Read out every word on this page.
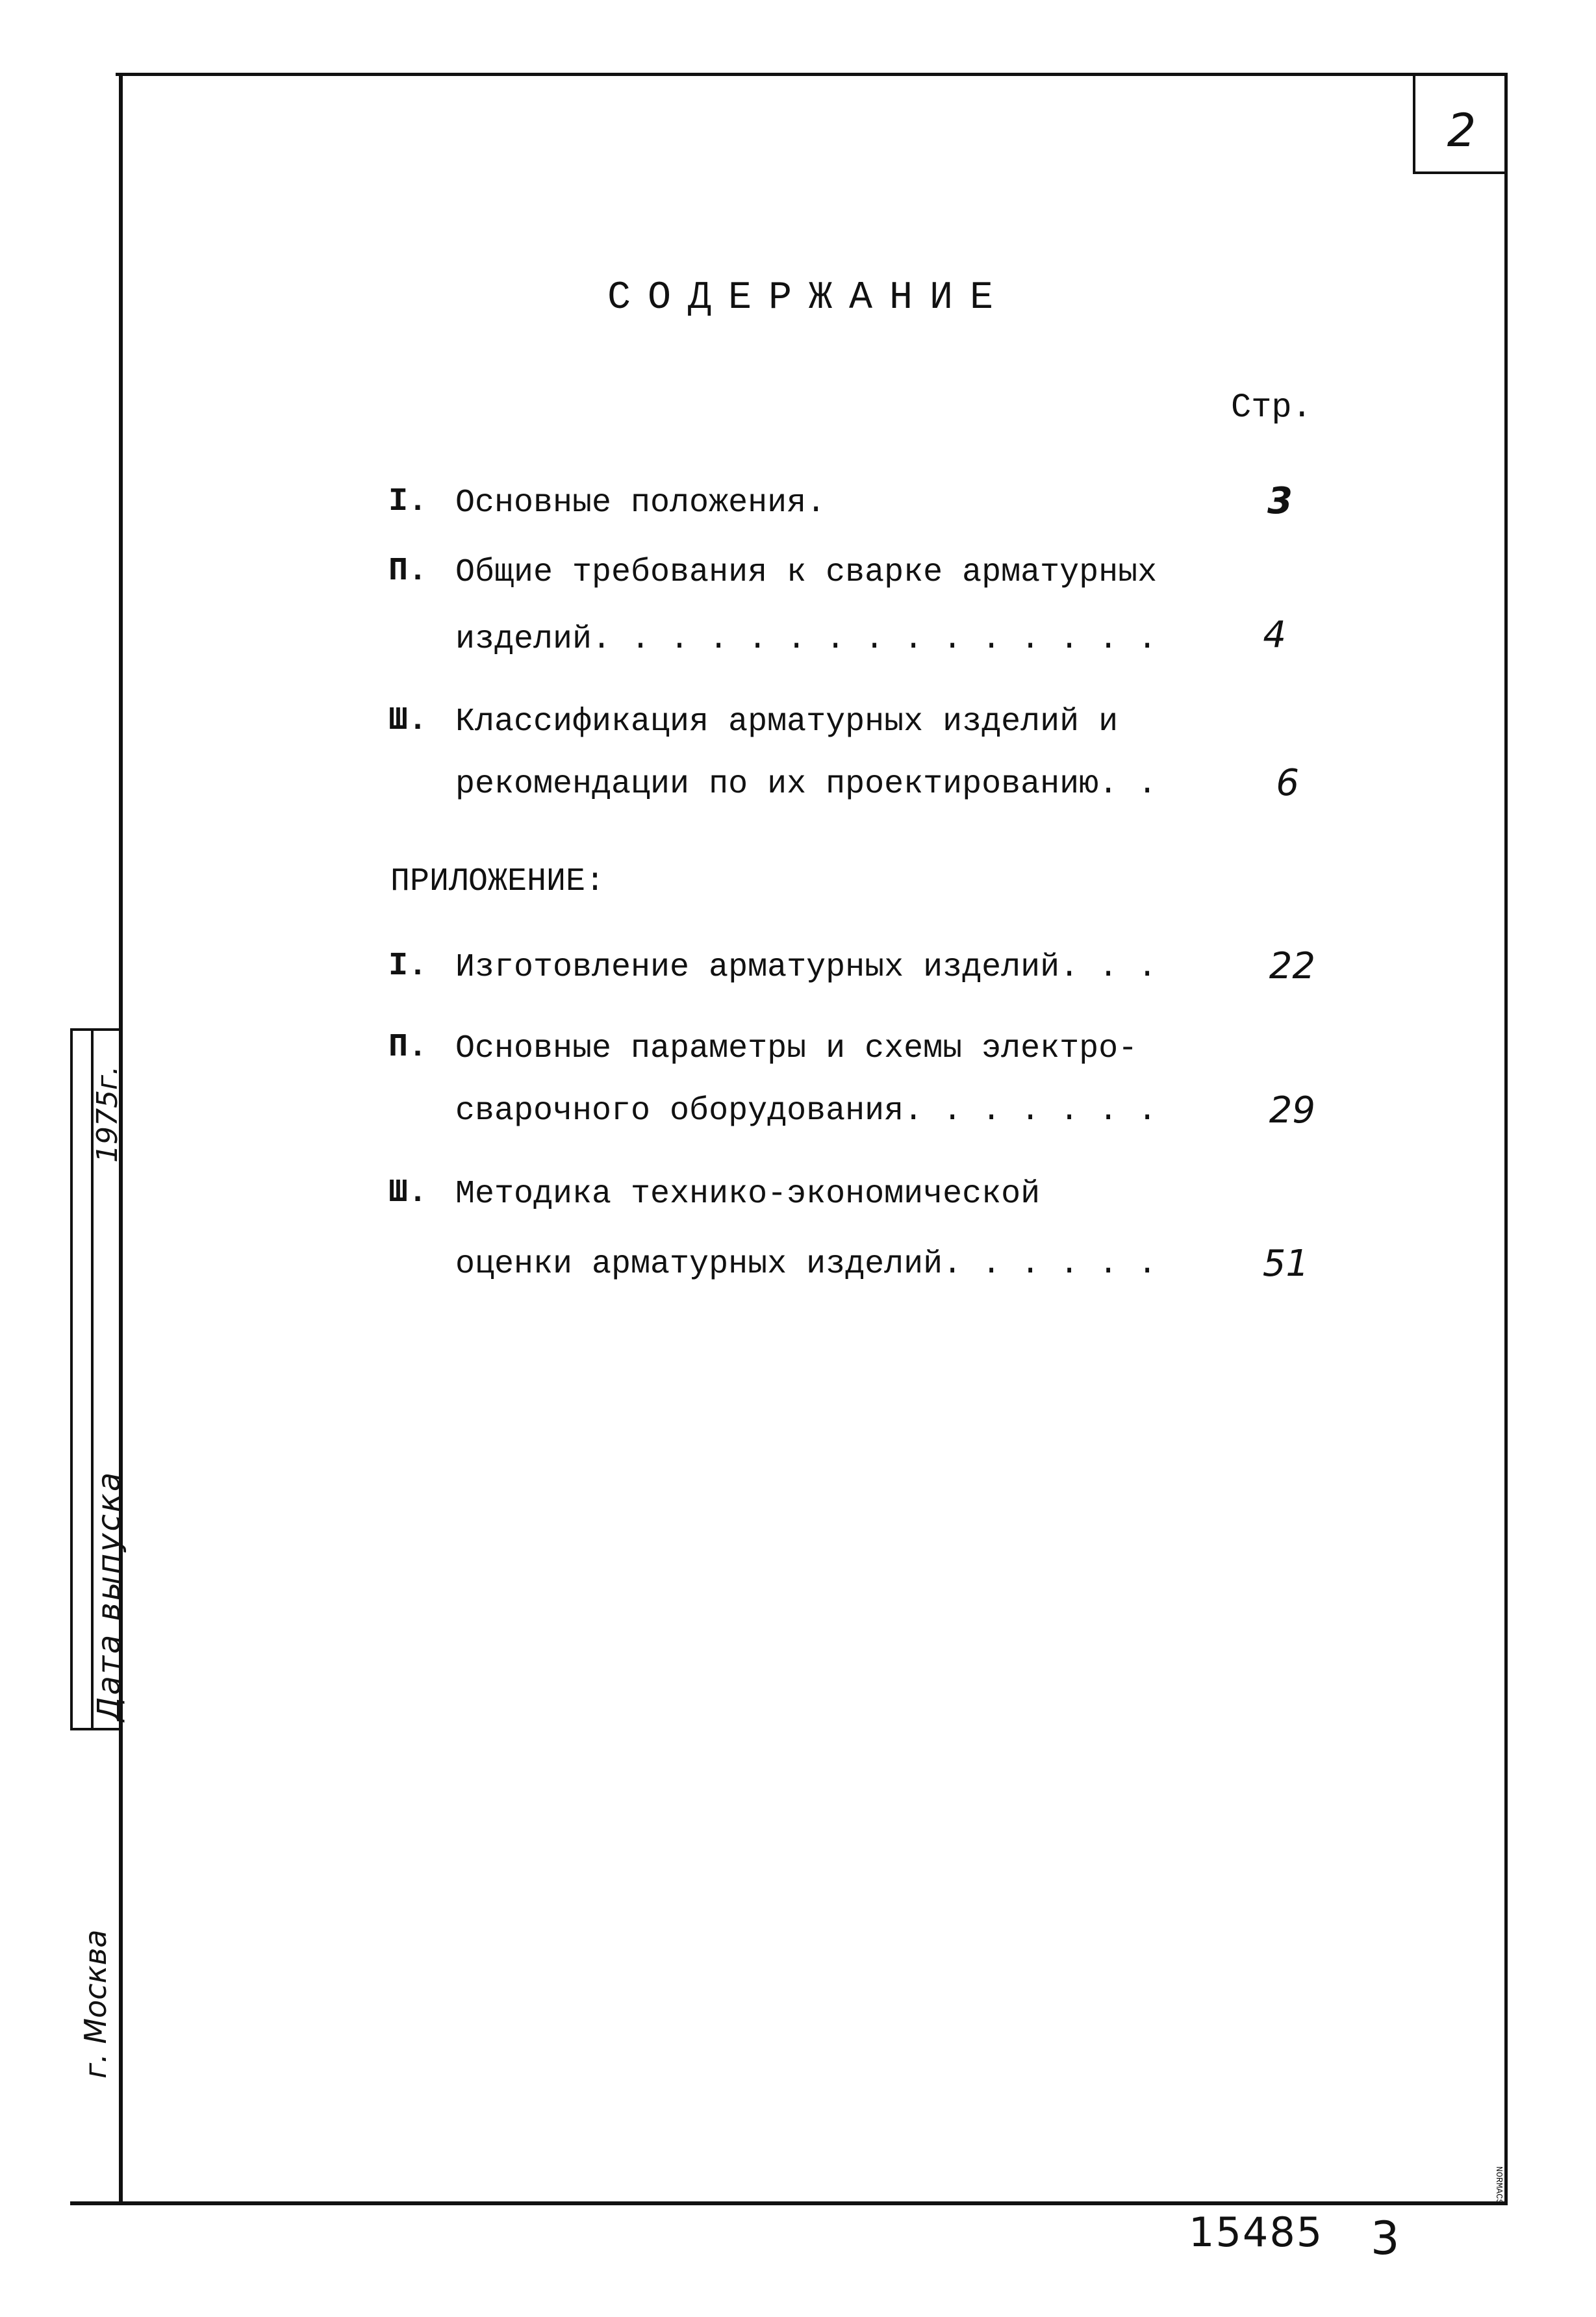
2
1975г.
Дата выпуска
г. Москва
СОДЕРЖАНИЕ
Стр.
I. Основные положения.	3
П. Общие требования к сварке арматурных
изделий. . . . . . . . . . . . . . .	4
Ш. Классификация арматурных изделий и
рекомендации по их проектированию. .	6
ПРИЛОЖЕНИЕ:
I. Изготовление арматурных изделий. . .	22
П. Основные параметры и схемы электро-
сварочного оборудования. . . . . . .	29
Ш. Методика технико-экономической
оценки арматурных изделий. . . . . .	51
NORMACS
15485 3
